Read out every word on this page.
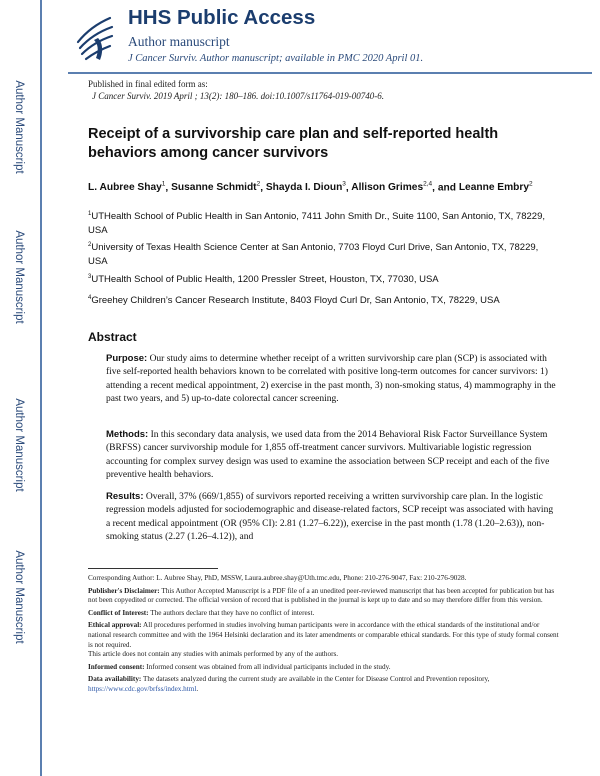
Author Manuscript
Author Manuscript
Author Manuscript
Author Manuscript
HHS Public Access
Author manuscript
J Cancer Surviv. Author manuscript; available in PMC 2020 April 01.
Published in final edited form as:
J Cancer Surviv. 2019 April ; 13(2): 180–186. doi:10.1007/s11764-019-00740-6.
Receipt of a survivorship care plan and self-reported health behaviors among cancer survivors
L. Aubree Shay$^1$, Susanne Schmidt$^2$, Shayda I. Dioun$^3$, Allison Grimes$^{2,4}$, and Leanne Embry$^2$
$^1$UTHealth School of Public Health in San Antonio, 7411 John Smith Dr., Suite 1100, San Antonio, TX, 78229, USA
$^2$University of Texas Health Science Center at San Antonio, 7703 Floyd Curl Drive, San Antonio, TX, 78229, USA
$^3$UTHealth School of Public Health, 1200 Pressler Street, Houston, TX, 77030, USA
$^4$Greehey Children’s Cancer Research Institute, 8403 Floyd Curl Dr, San Antonio, TX, 78229, USA
Abstract
Purpose: Our study aims to determine whether receipt of a written survivorship care plan (SCP) is associated with five self-reported health behaviors known to be correlated with positive long-term outcomes for cancer survivors: 1) attending a recent medical appointment, 2) exercise in the past month, 3) non-smoking status, 4) mammography in the past two years, and 5) up-to-date colorectal cancer screening.
Methods: In this secondary data analysis, we used data from the 2014 Behavioral Risk Factor Surveillance System (BRFSS) cancer survivorship module for 1,855 off-treatment cancer survivors. Multivariable logistic regression accounting for complex survey design was used to examine the association between SCP receipt and each of the five preventive health behaviors.
Results: Overall, 37% (669/1,855) of survivors reported receiving a written survivorship care plan. In the logistic regression models adjusted for sociodemographic and disease-related factors, SCP receipt was associated with having a recent medical appointment (OR (95% CI): 2.81 (1.27–6.22)), exercise in the past month (1.78 (1.20–2.63)), non-smoking status (2.27 (1.26–4.12)), and

Corresponding Author: L. Aubree Shay, PhD, MSSW, Laura.aubree.shay@Uth.tmc.edu, Phone: 210-276-9047, Fax: 210-276-9028.

Publisher's Disclaimer: This Author Accepted Manuscript is a PDF file of a an unedited peer-reviewed manuscript that has been accepted for publication but has not been copyedited or corrected. The official version of record that is published in the journal is kept up to date and so may therefore differ from this version.

Conflict of Interest: The authors declare that they have no conflict of interest.

Ethical approval: All procedures performed in studies involving human participants were in accordance with the ethical standards of the institutional and/or national research committee and with the 1964 Helsinki declaration and its later amendments or comparable ethical standards. For this type of study formal consent is not required.

This article does not contain any studies with animals performed by any of the authors.

Informed consent: Informed consent was obtained from all individual participants included in the study.

Data availability: The datasets analyzed during the current study are available in the Center for Disease Control and Prevention repository, https://www.cdc.gov/brfss/index.html.
